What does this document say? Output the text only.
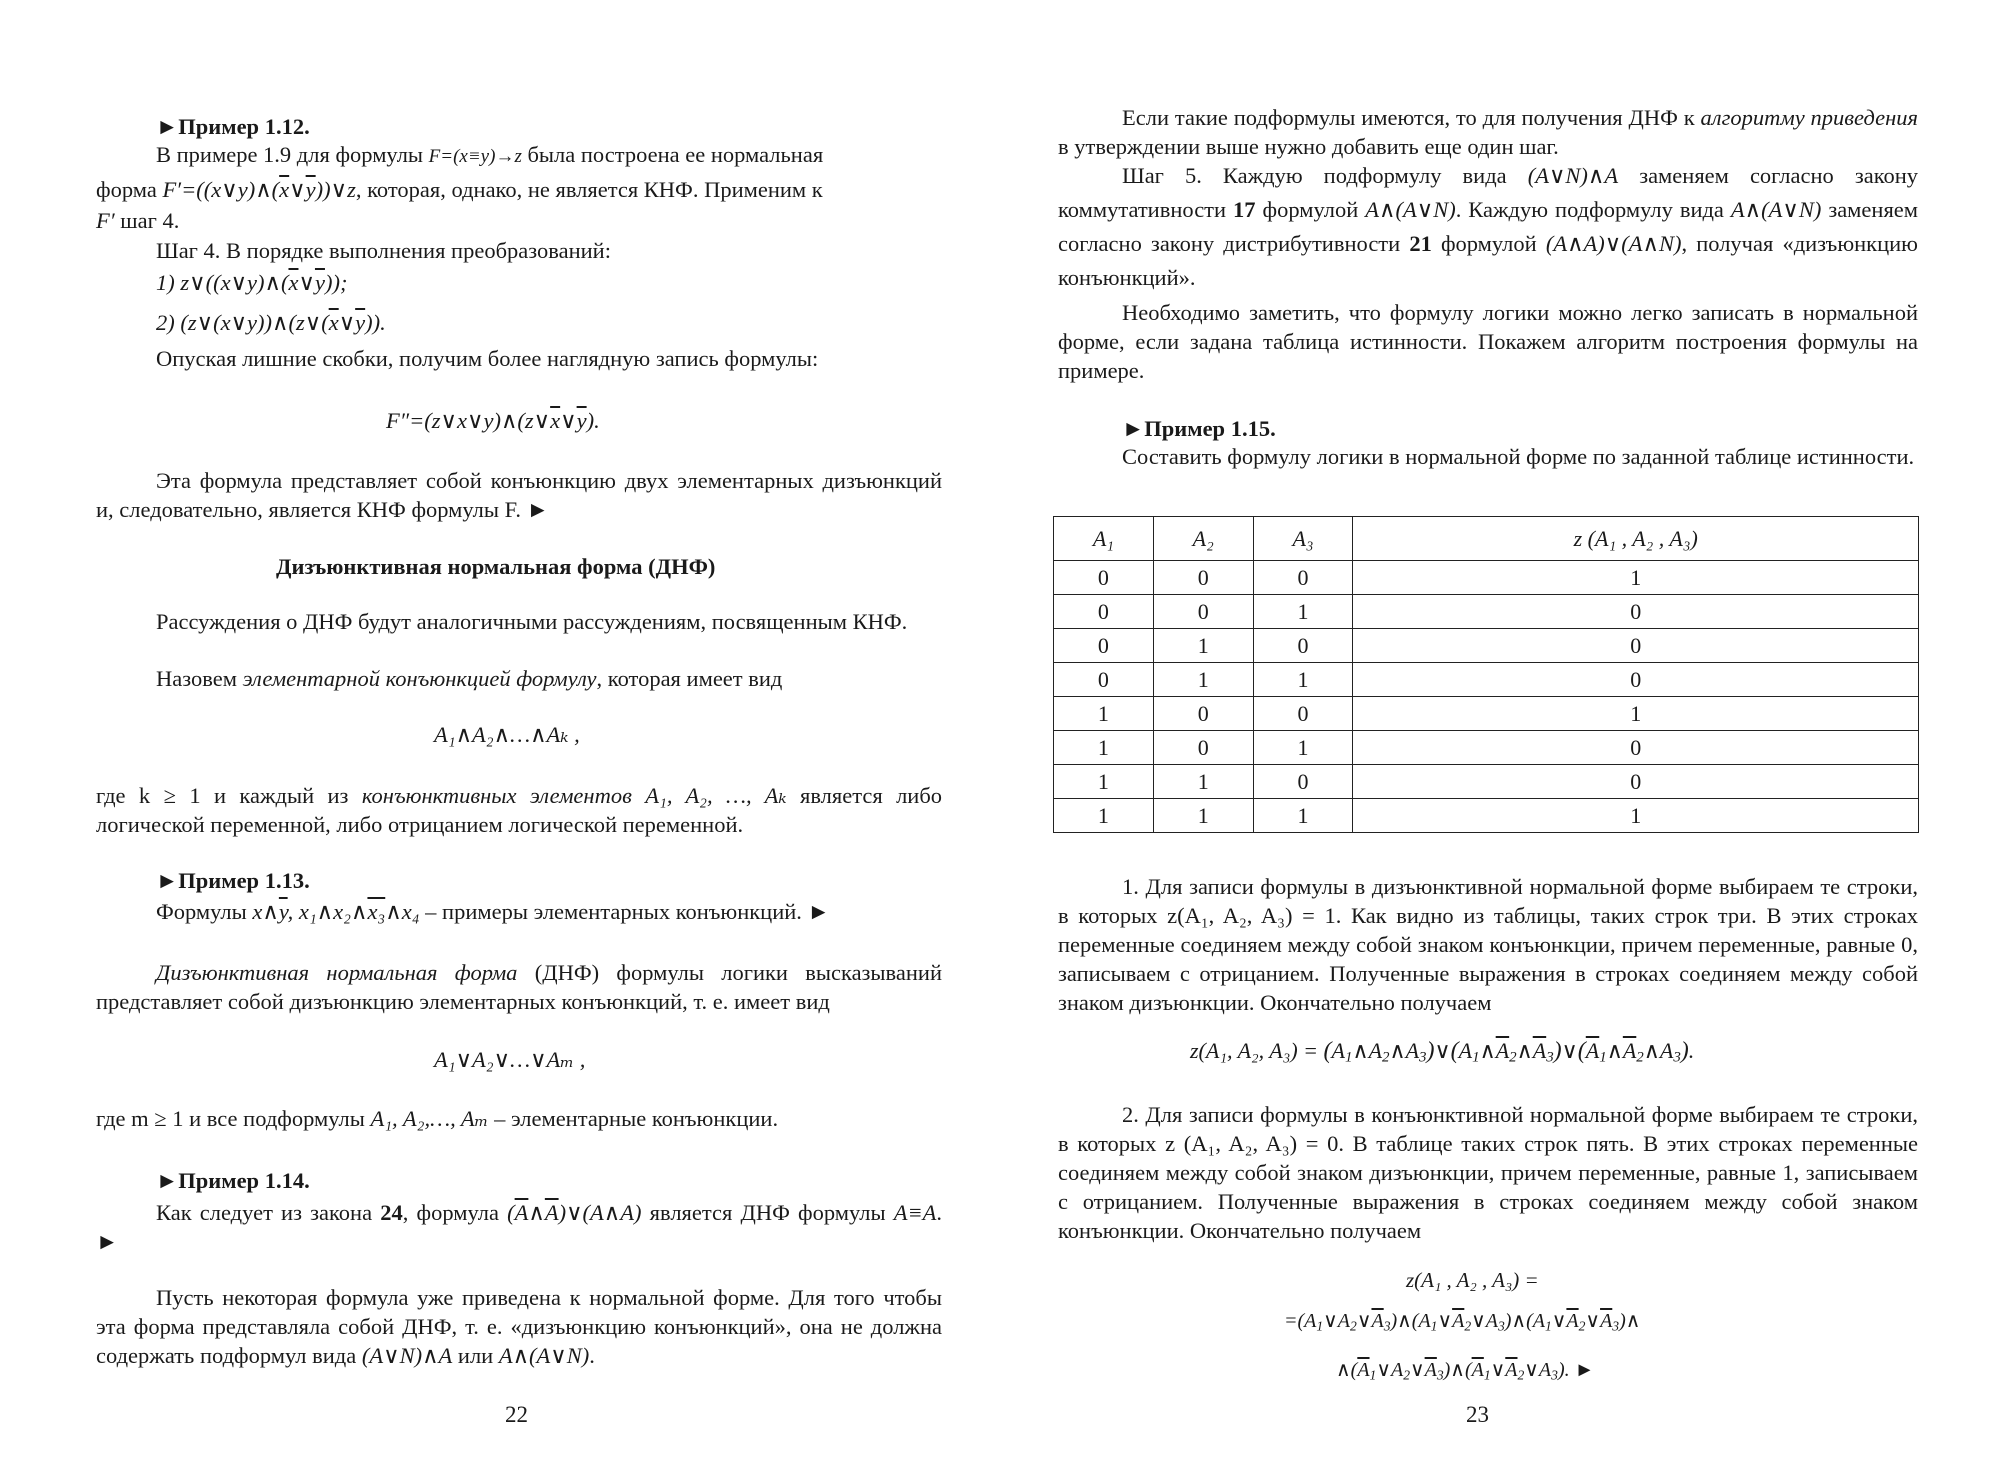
►Пример 1.12.
В примере 1.9 для формулы F=(x≡y)→z была построена ее нормальная
форма $F'=((x\vee y)\wedge(\overline{x}\vee\overline{y}))\vee z$, которая, однако, не является КНФ. Применим к
F′ шаг 4.
Шаг 4. В порядке выполнения преобразований:
1) $z\vee((x\vee y)\wedge(\overline{x}\vee\overline{y}))$;
2) $(z\vee(x\vee y))\wedge(z\vee(\overline{x}\vee\overline{y}))$.
Опуская лишние скобки, получим более наглядную запись формулы:
$F''=(z\vee x\vee y)\wedge(z\vee\overline{x}\vee\overline{y})$.
Эта формула представляет собой конъюнкцию двух элементарных дизъюнкций и, следовательно, является КНФ формулы F. ►
Дизъюнктивная нормальная форма (ДНФ)
Рассуждения о ДНФ будут аналогичными рассуждениям, посвященным КНФ.
Назовем элементарной конъюнкцией формулу, которая имеет вид
A₁∧A₂∧…∧Aₖ ,
где k ≥ 1 и каждый из конъюнктивных элементов A₁, A₂, …, Aₖ является либо логической переменной, либо отрицанием логической переменной.
►Пример 1.13.
Формулы $x\wedge\overline{y}$, x₁∧x₂∧x₃∧x₄ – примеры элементарных конъюнкций. ►
Дизъюнктивная нормальная форма (ДНФ) формулы логики высказываний представляет собой дизъюнкцию элементарных конъюнкций, т. е. имеет вид
A₁∨A₂∨…∨Aₘ ,
где m ≥ 1 и все подформулы A₁, A₂,…, Aₘ – элементарные конъюнкции.
►Пример 1.14.
Как следует из закона 24, формула $(\overline{A}\wedge\overline{A})\vee(A\wedge A)$ является ДНФ формулы A≡A. ►
Пусть некоторая формула уже приведена к нормальной форме. Для того чтобы эта форма представляла собой ДНФ, т. е. «дизъюнкцию конъюнкций», она не должна содержать подформул вида (A∨N)∧A или A∧(A∨N).
22
Если такие подформулы имеются, то для получения ДНФ к алгоритму приведения в утверждении выше нужно добавить еще один шаг.
Шаг 5. Каждую подформулу вида (A∨N)∧A заменяем согласно закону коммутативности 17 формулой A∧(A∨N). Каждую подформулу вида A∧(A∨N) заменяем согласно закону дистрибутивности 21 формулой (A∧A)∨(A∧N), получая «дизъюнкцию конъюнкций».
Необходимо заметить, что формулу логики можно легко записать в нормальной форме, если задана таблица истинности. Покажем алгоритм построения формулы на примере.
►Пример 1.15.
Составить формулу логики в нормальной форме по заданной таблице истинности.
A₁	A₂	A₃	z (A₁ , A₂ , A₃)
0	0	0	1
0	0	1	0
0	1	0	0
0	1	1	0
1	0	0	1
1	0	1	0
1	1	0	0
1	1	1	1
1. Для записи формулы в дизъюнктивной нормальной форме выбираем те строки, в которых z(A₁, A₂, A₃) = 1. Как видно из таблицы, таких строк три. В этих строках переменные соединяем между собой знаком конъюнкции, причем переменные, равные 0, записываем с отрицанием. Полученные выражения в строках соединяем между собой знаком дизъюнкции. Окончательно получаем
z(A₁, A₂, $A_3) = (A_1\wedge A_2\wedge A_3)\vee(A_1\wedge\overline{A}_2\wedge\overline{A}_3)\vee(\overline{A}_1\wedge\overline{A}_2\wedge A_3)$.
2. Для записи формулы в конъюнктивной нормальной форме выбираем те строки, в которых z (A₁, A₂, A₃) = 0. В таблице таких строк пять. В этих строках переменные соединяем между собой знаком дизъюнкции, причем переменные, равные 1, записываем с отрицанием. Полученные выражения в строках соединяем между собой знаком конъюнкции. Окончательно получаем
z(A₁ , A₂ , A₃) =
$=(A_1\vee A_2\vee\overline{A}_3)\wedge(A_1\vee\overline{A}_2\vee A_3)\wedge(A_1\vee\overline{A}_2\vee\overline{A}_3)\wedge$
$\wedge(\overline{A}_1\vee A_2\vee\overline{A}_3)\wedge(\overline{A}_1\vee\overline{A}_2\vee A_3)$. ►
23
